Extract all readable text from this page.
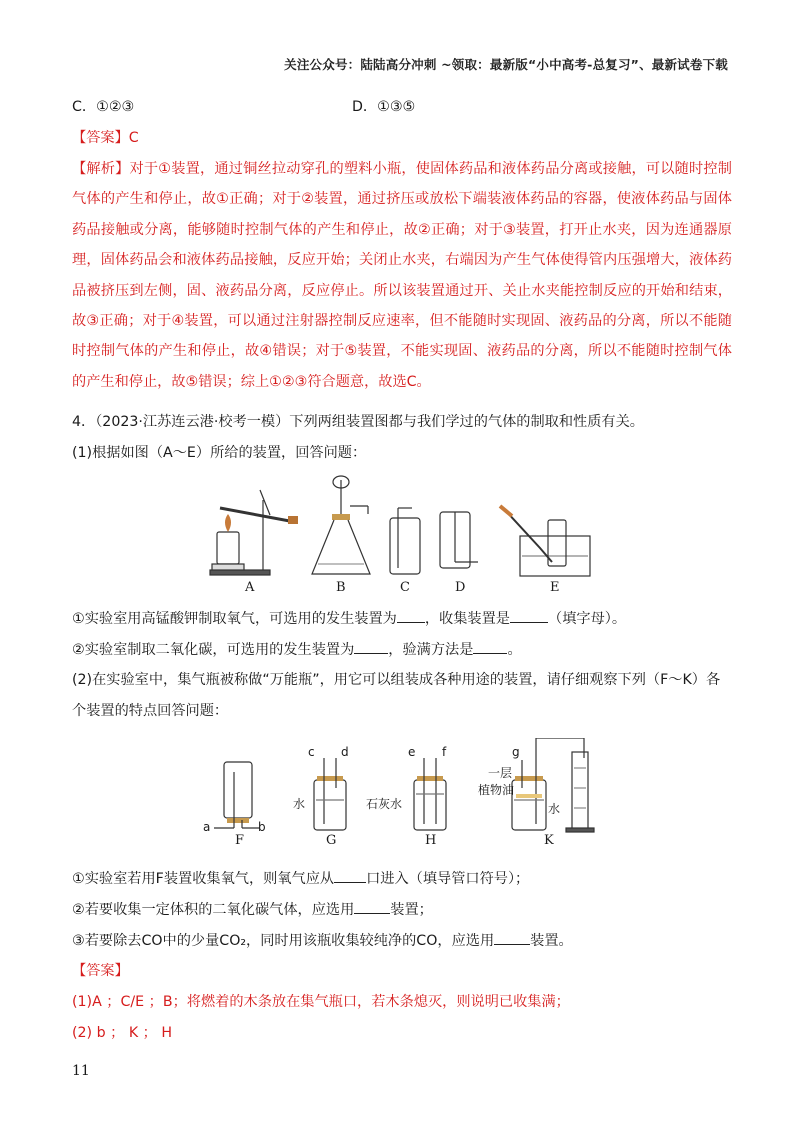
关注公众号：陆陆高分冲刺 ~领取：最新版“小中高考-总复习”、最新试卷下载
C．①②③	D．①③⑤
【答案】C
【解析】对于①装置，通过铜丝拉动穿孔的塑料小瓶，使固体药品和液体药品分离或接触，可以随时控制气体的产生和停止，故①正确；对于②装置，通过挤压或放松下端装液体药品的容器，使液体药品与固体药品接触或分离，能够随时控制气体的产生和停止，故②正确；对于③装置，打开止水夹，因为连通器原理，固体药品会和液体药品接触，反应开始；关闭止水夹，右端因为产生气体使得管内压强增大，液体药品被挤压到左侧，固、液药品分离，反应停止。所以该装置通过开、关止水夹能控制反应的开始和结束，故③正确；对于④装置，可以通过注射器控制反应速率，但不能随时实现固、液药品的分离，所以不能随时控制气体的产生和停止，故④错误；对于⑤装置，不能实现固、液药品的分离，所以不能随时控制气体的产生和停止，故⑤错误；综上①②③符合题意，故选C。
4．（2023·江苏连云港·校考一模）下列两组装置图都与我们学过的气体的制取和性质有关。
(1)根据如图（A～E）所给的装置，回答问题：
A	B	C	D	E
①实验室用高锰酸钾制取氧气，可选用的发生装置为 ，收集装置是	（填字母）。
②实验室制取二氧化碳，可选用的发生装置为 ，验满方法是 。
(2)在实验室中，集气瓶被称做“万能瓶”，用它可以组装成各种用途的装置，请仔细观察下列（F～K）各
个装置的特点回答问题：
a	b
F
c d
水
G
e f
石灰水
H
g
一层
植物油
水
K
①实验室若用F装置收集氧气，则氧气应从 口进入（填导管口符号）；
②若要收集一定体积的二氧化碳气体，应选用	装置；
③若要除去CO中的少量CO₂，同时用该瓶收集较纯净的CO，应选用	装置。
【答案】
(1)A ；C/E ；B；将燃着的木条放在集气瓶口，若木条熄灭，则说明已收集满；
(2) b ； K ； H
11
